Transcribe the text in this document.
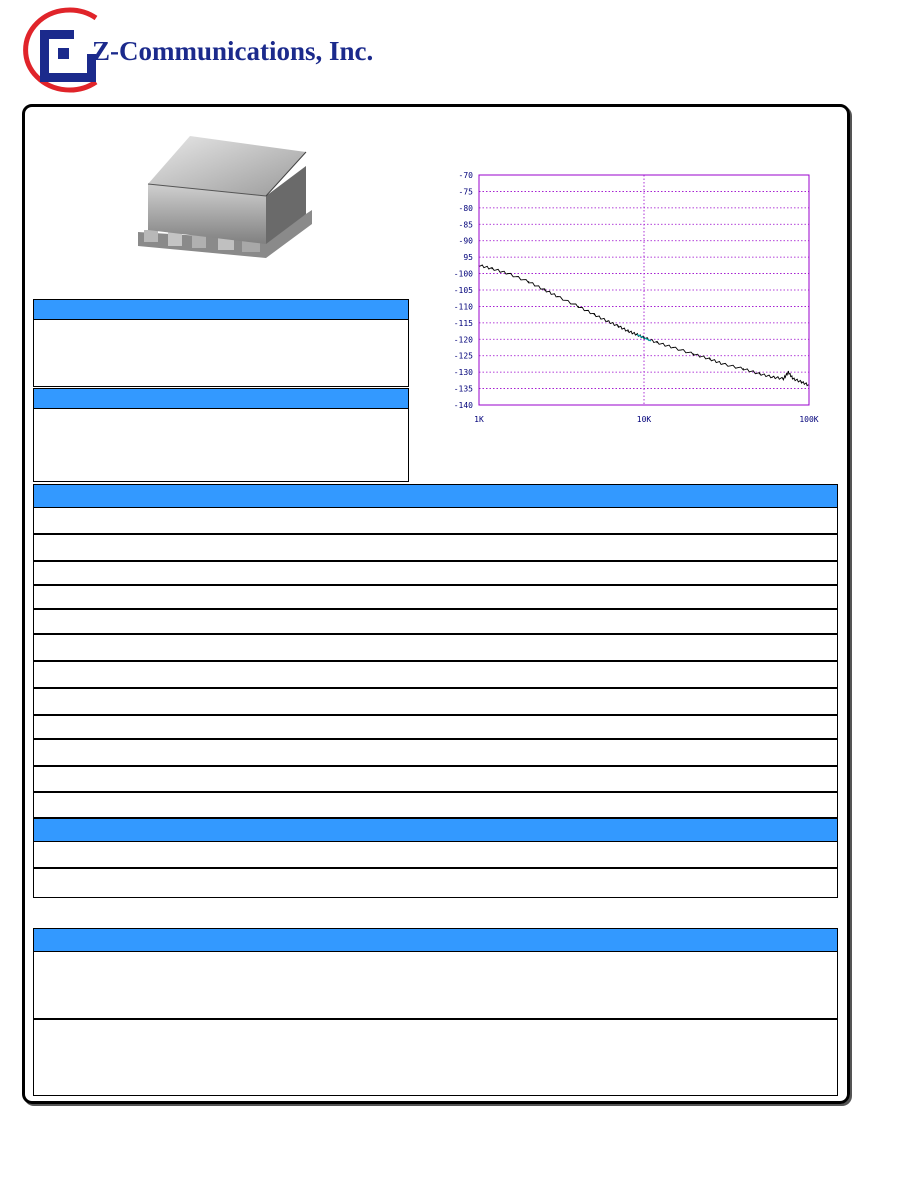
Z-Communications, Inc.
-70
-75
-80
-85
-90
95
-100
-105
-110
-115
-120
-125
-130
-135
-140
1K	10K	100K
